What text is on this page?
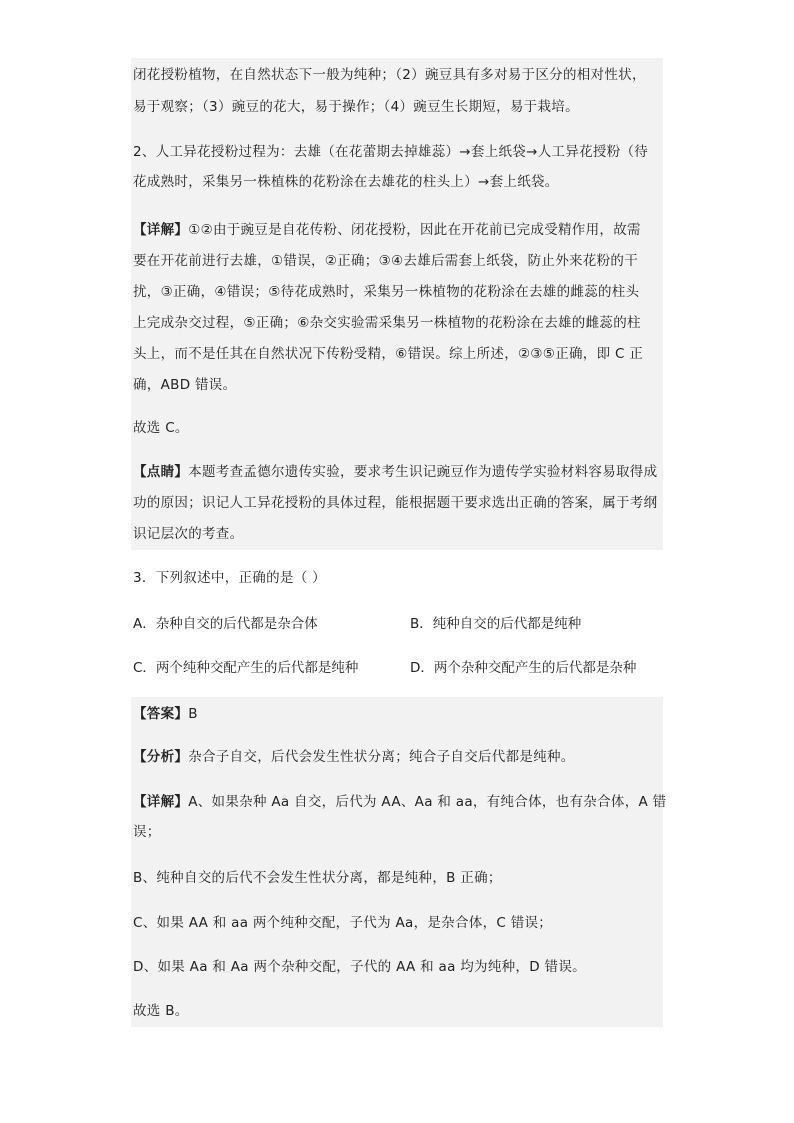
闭花授粉植物，在自然状态下一般为纯种；（2）豌豆具有多对易于区分的相对性状，
易于观察；（3）豌豆的花大，易于操作；（4）豌豆生长期短，易于栽培。
2、人工异花授粉过程为：去雄（在花蕾期去掉雄蕊）→套上纸袋→人工异花授粉（待
花成熟时，采集另一株植株的花粉涂在去雄花的柱头上）→套上纸袋。
【详解】①②由于豌豆是自花传粉、闭花授粉，因此在开花前已完成受精作用，故需
要在开花前进行去雄，①错误，②正确；③④去雄后需套上纸袋，防止外来花粉的干
扰，③正确，④错误；⑤待花成熟时，采集另一株植物的花粉涂在去雄的雌蕊的柱头
上完成杂交过程，⑤正确；⑥杂交实验需采集另一株植物的花粉涂在去雄的雌蕊的柱
头上，而不是任其在自然状况下传粉受精，⑥错误。综上所述，②③⑤正确，即 C 正
确，ABD 错误。
故选 C。
【点睛】本题考查孟德尔遗传实验，要求考生识记豌豆作为遗传学实验材料容易取得成
功的原因；识记人工异花授粉的具体过程，能根据题干要求选出正确的答案，属于考纲
识记层次的考查。
3．下列叙述中，正确的是（ ）
A．杂种自交的后代都是杂合体	B．纯种自交的后代都是纯种
C．两个纯种交配产生的后代都是纯种	D．两个杂种交配产生的后代都是杂种
【答案】B
【分析】杂合子自交，后代会发生性状分离；纯合子自交后代都是纯种。
【详解】A、如果杂种 Aa 自交，后代为 AA、Aa 和 aa，有纯合体，也有杂合体，A 错
误；
B、纯种自交的后代不会发生性状分离，都是纯种，B 正确；
C、如果 AA 和 aa 两个纯种交配，子代为 Aa，是杂合体，C 错误；
D、如果 Aa 和 Aa 两个杂种交配，子代的 AA 和 aa 均为纯种，D 错误。
故选 B。
